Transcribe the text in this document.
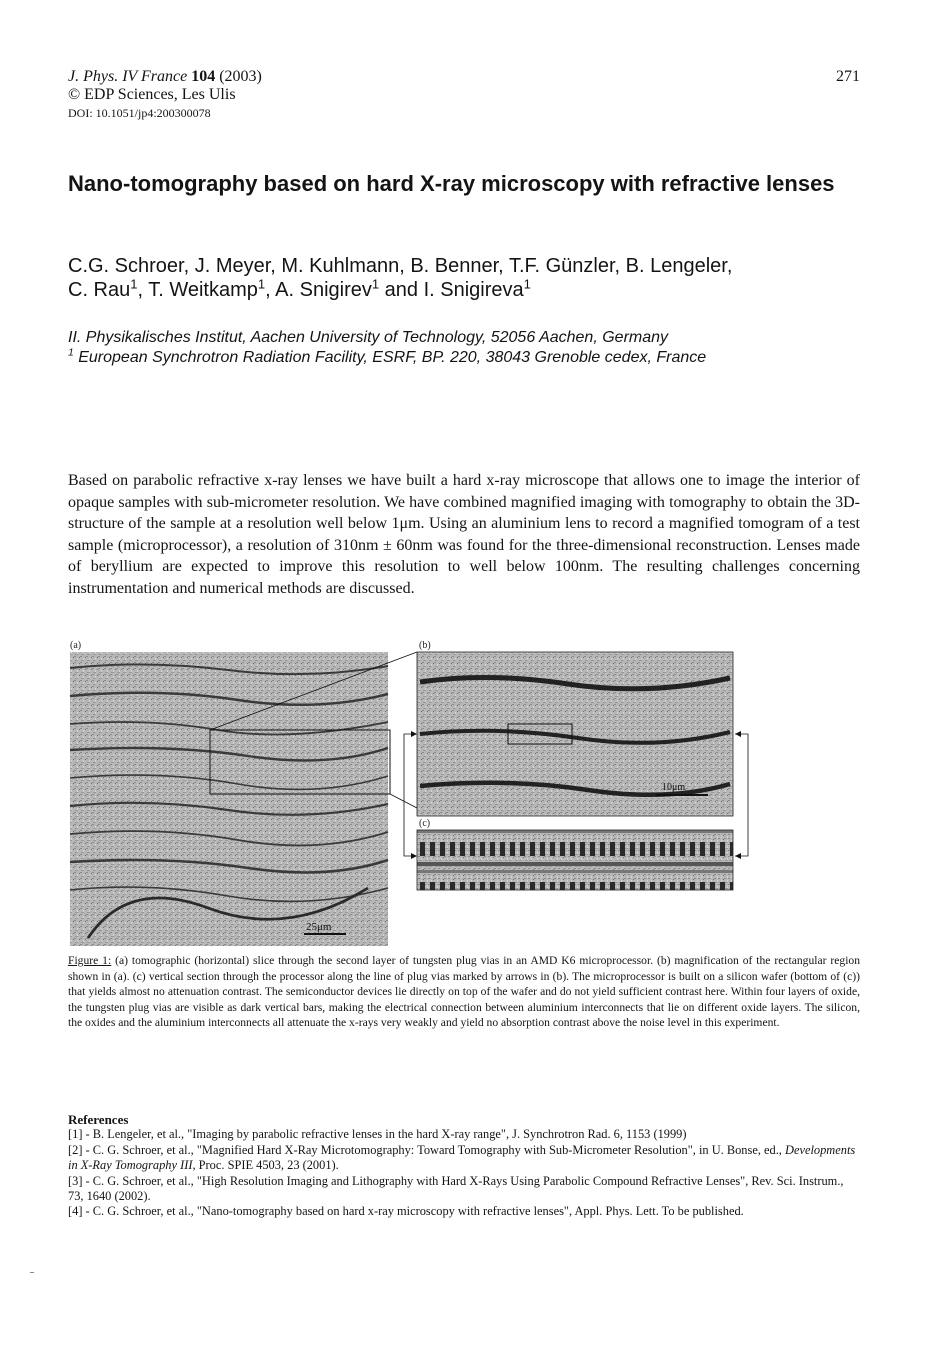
J. Phys. IV France 104 (2003)
© EDP Sciences, Les Ulis
DOI: 10.1051/jp4:200300078
271
Nano-tomography based on hard X-ray microscopy with refractive lenses
C.G. Schroer, J. Meyer, M. Kuhlmann, B. Benner, T.F. Günzler, B. Lengeler,
C. Rau$^1$, T. Weitkamp$^1$, A. Snigirev$^1$ and I. Snigireva$^1$
II. Physikalisches Institut, Aachen University of Technology, 52056 Aachen, Germany
$^1$ European Synchrotron Radiation Facility, ESRF, BP. 220, 38043 Grenoble cedex, France
Based on parabolic refractive x-ray lenses we have built a hard x-ray microscope that allows one to image the interior of opaque samples with sub-micrometer resolution. We have combined magnified imaging with tomography to obtain the 3D-structure of the sample at a resolution well below 1μm. Using an aluminium lens to record a magnified tomogram of a test sample (microprocessor), a resolution of 310nm ± 60nm was found for the three-dimensional reconstruction. Lenses made of beryllium are expected to improve this resolution to well below 100nm. The resulting challenges concerning instrumentation and numerical methods are discussed.
(a)
25μm
(b)
10μm
(c)
Figure 1: (a) tomographic (horizontal) slice through the second layer of tungsten plug vias in an AMD K6 microprocessor. (b) magnification of the rectangular region shown in (a). (c) vertical section through the processor along the line of plug vias marked by arrows in (b). The microprocessor is built on a silicon wafer (bottom of (c)) that yields almost no attenuation contrast. The semiconductor devices lie directly on top of the wafer and do not yield sufficient contrast here. Within four layers of oxide, the tungsten plug vias are visible as dark vertical bars, making the electrical connection between aluminium interconnects that lie on different oxide layers. The silicon, the oxides and the aluminium interconnects all attenuate the x-rays very weakly and yield no absorption contrast above the noise level in this experiment.
References

[1] - B. Lengeler, et al., "Imaging by parabolic refractive lenses in the hard X-ray range", J. Synchrotron Rad. 6, 1153 (1999)

[2] - C. G. Schroer, et al., "Magnified Hard X-Ray Microtomography: Toward Tomography with Sub-Micrometer Resolution", in U. Bonse, ed., Developments in X-Ray Tomography III, Proc. SPIE 4503, 23 (2001).

[3] - C. G. Schroer, et al., "High Resolution Imaging and Lithography with Hard X-Rays Using Parabolic Compound Refractive Lenses", Rev. Sci. Instrum., 73, 1640 (2002).

[4] - C. G. Schroer, et al., "Nano-tomography based on hard x-ray microscopy with refractive lenses", Appl. Phys. Lett. To be published.
